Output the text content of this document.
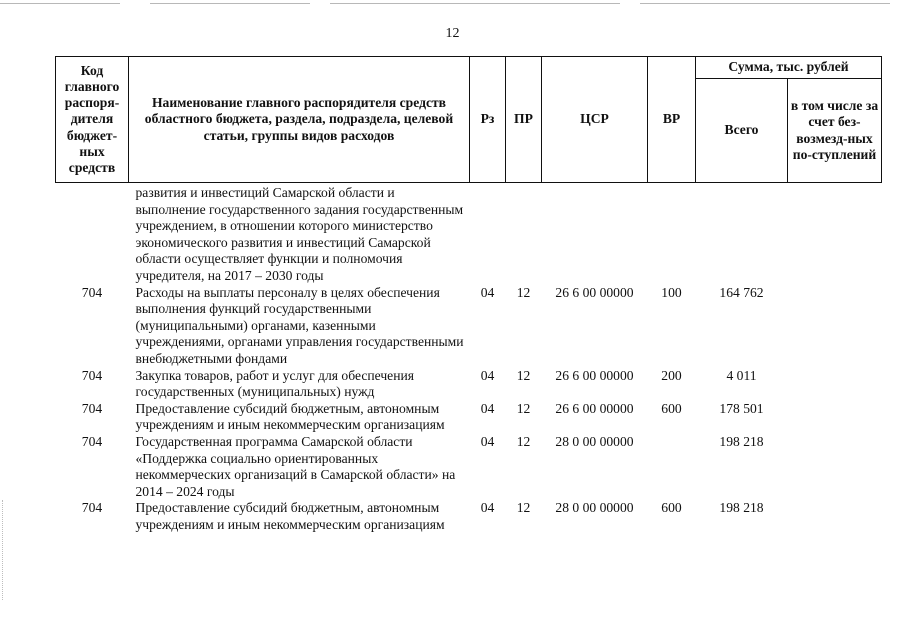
12
Код главного распоря-дителя бюджет-ных средств	Наименование главного распорядителя средств областного бюджета, раздела, подраздела, целевой статьи, группы видов расходов	Рз	ПР	ЦСР	ВР	Сумма, тыс. рублей	
						Всего	в том числе за счет без-возмезд-ных по-ступлений
	развития и инвестиций Самарской области и выполнение государственного задания государственным учреждением, в отношении которого министерство экономического развития и инвестиций Самарской области осуществляет функции и полномочия учредителя, на 2017 – 2030 годы						
704	Расходы на выплаты персоналу в целях обеспечения выполнения функций государственными (муниципальными) органами, казенными учреждениями, органами управления государственными внебюджетными фондами	04	12	26 6 00 00000	100	164 762	
704	Закупка товаров, работ и услуг для обеспечения государственных (муниципальных) нужд	04	12	26 6 00 00000	200	4 011	
704	Предоставление субсидий бюджетным, автономным учреждениям и иным некоммерческим организациям	04	12	26 6 00 00000	600	178 501	
704	Государственная программа Самарской области «Поддержка социально ориентированных некоммерческих организаций в Самарской области» на 2014 – 2024 годы	04	12	28 0 00 00000		198 218	
704	Предоставление субсидий бюджетным, автономным учреждениям и иным некоммерческим организациям	04	12	28 0 00 00000	600	198 218	
